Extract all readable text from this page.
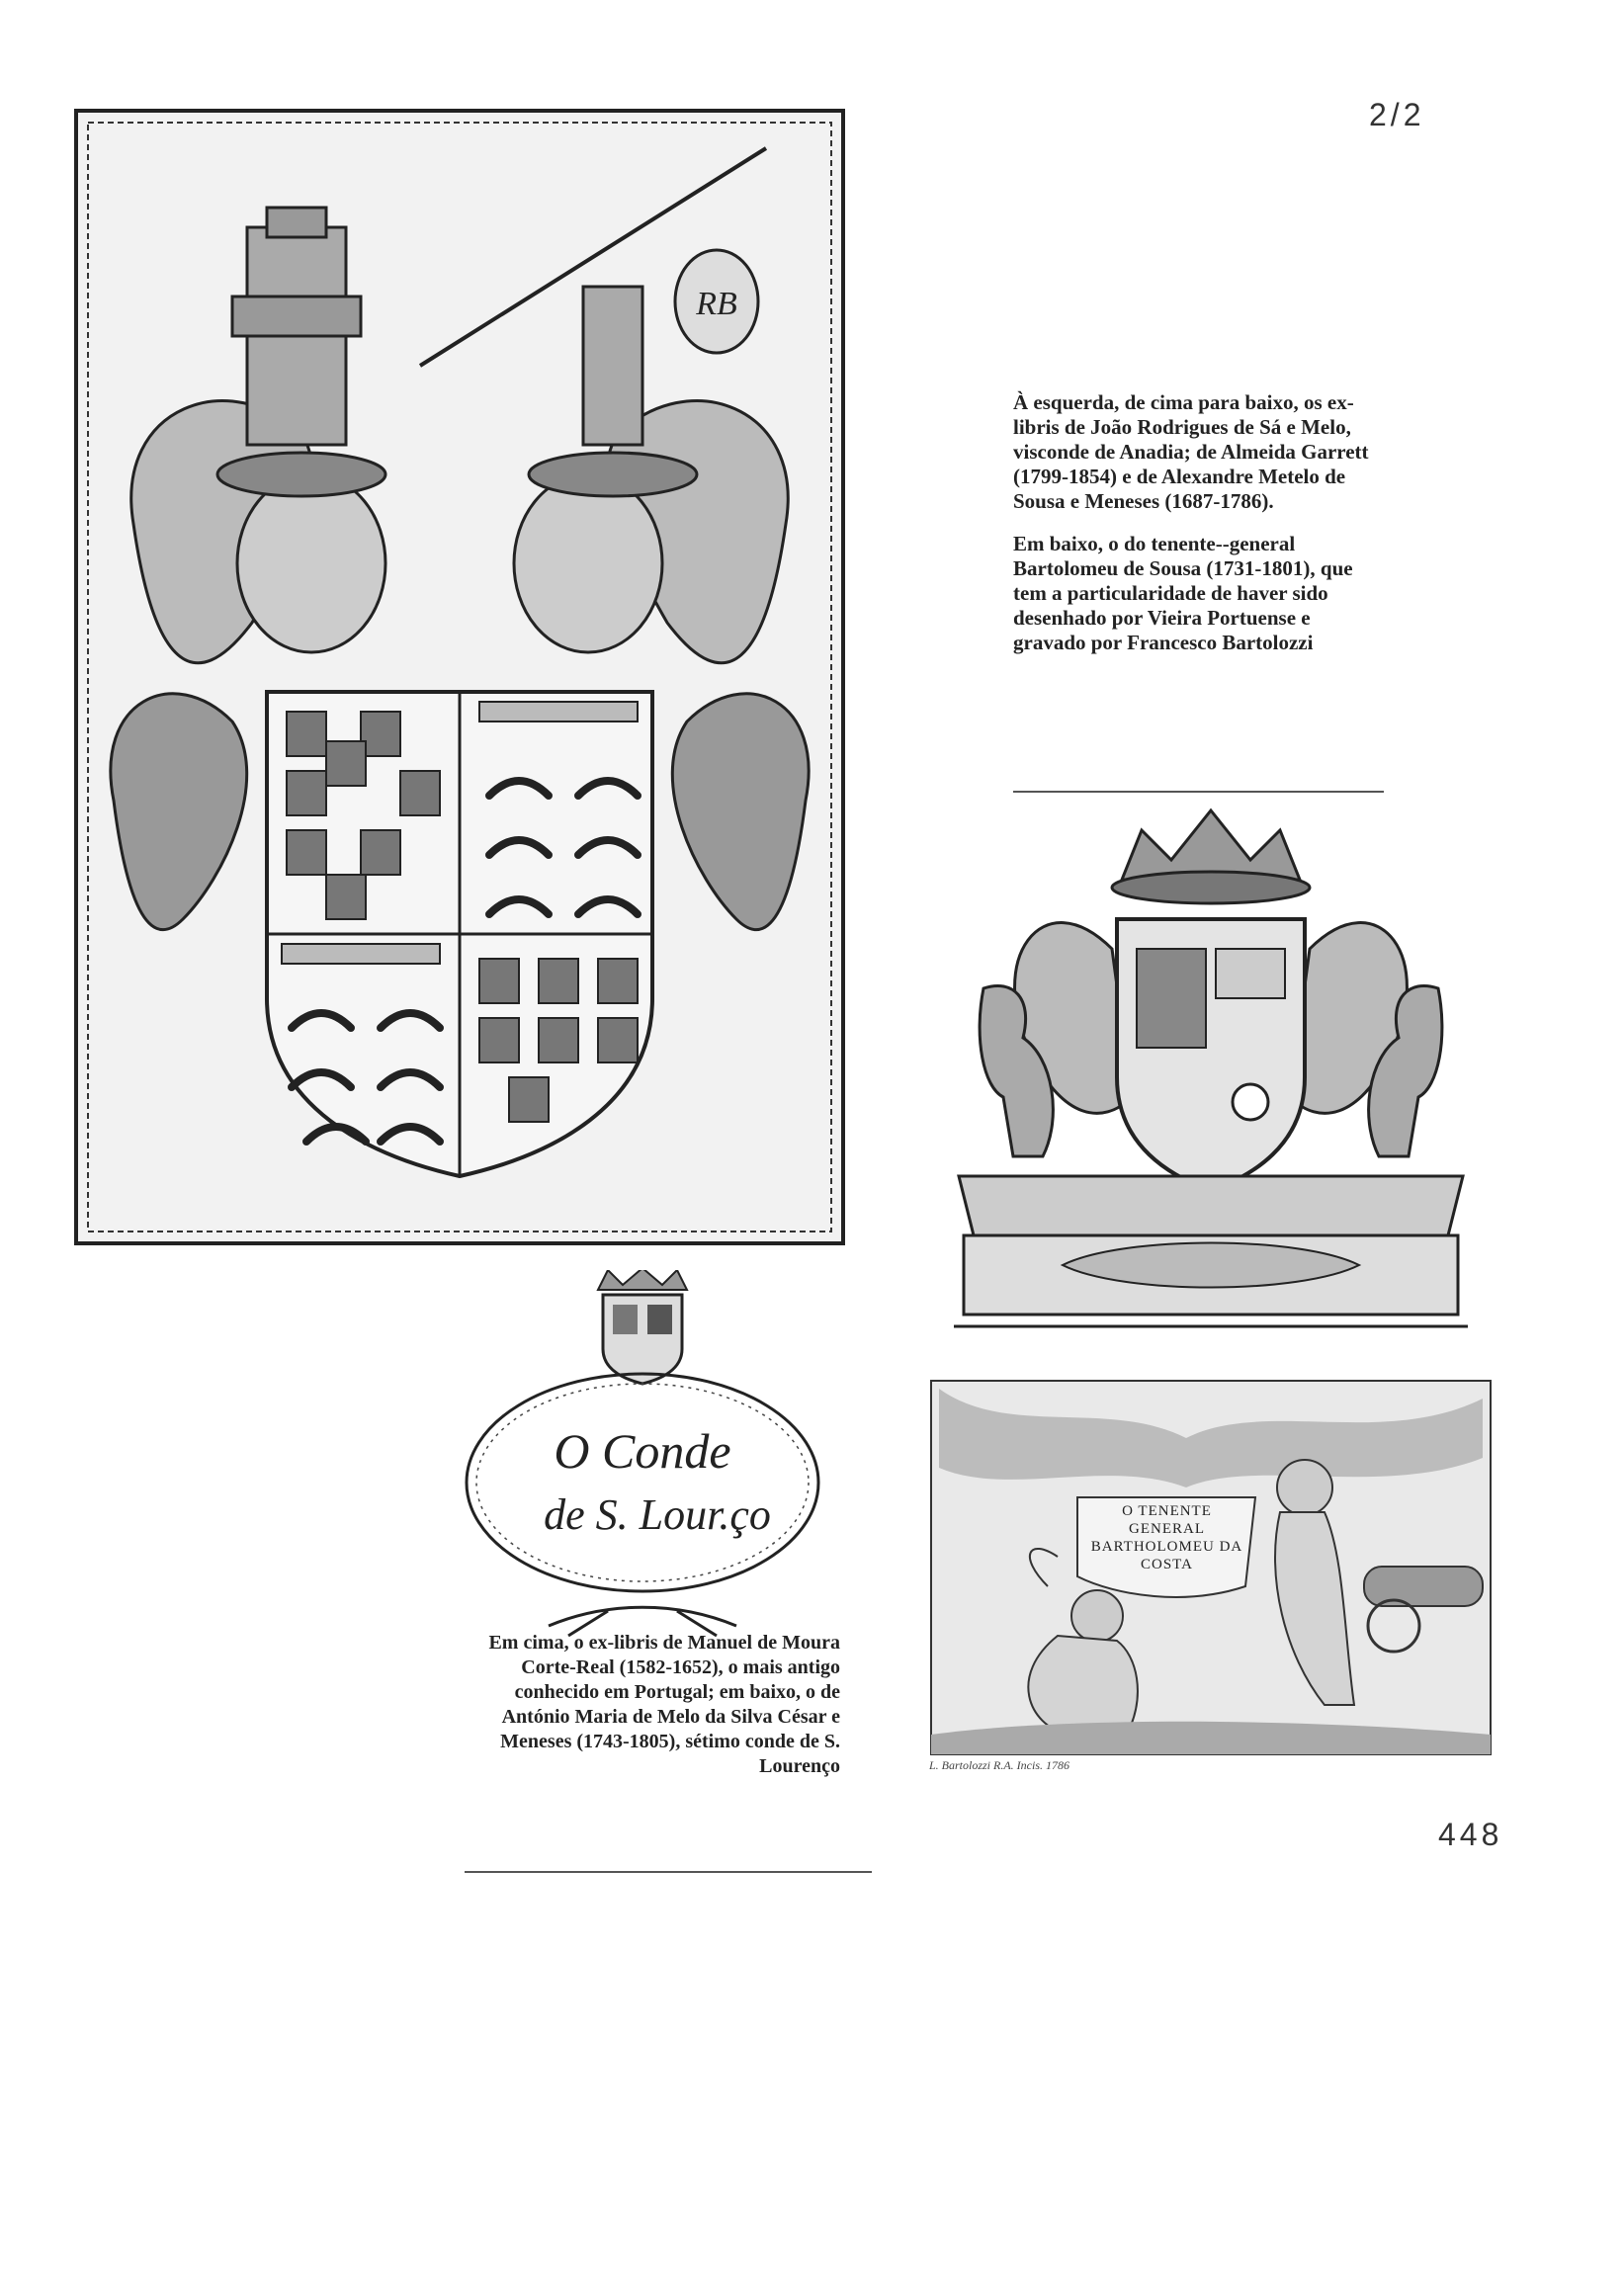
2/2
RB

À esquerda, de cima para baixo, os ex-libris de João Rodrigues de Sá e Melo, visconde de Anadia; de Almeida Garrett (1799-1854) e de Alexandre Metelo de Sousa e Meneses (1687-1786).

Em baixo, o do tenente--general Bartolomeu de Sousa (1731-1801), que tem a particularidade de haver sido desenhado por Vieira Portuense e gravado por Francesco Bartolozzi

O Conde
de S. Lour.ço	O TENENTE GENERAL BARTHOLOMEU DA COSTA
L. Bartolozzi R.A. Incis. 1786
Em cima, o ex-libris de Manuel de Moura Corte-Real (1582-1652), o mais antigo conhecido em Portugal; em baixo, o de António Maria de Melo da Silva César e Meneses (1743-1805), sétimo conde de S. Lourenço
448
